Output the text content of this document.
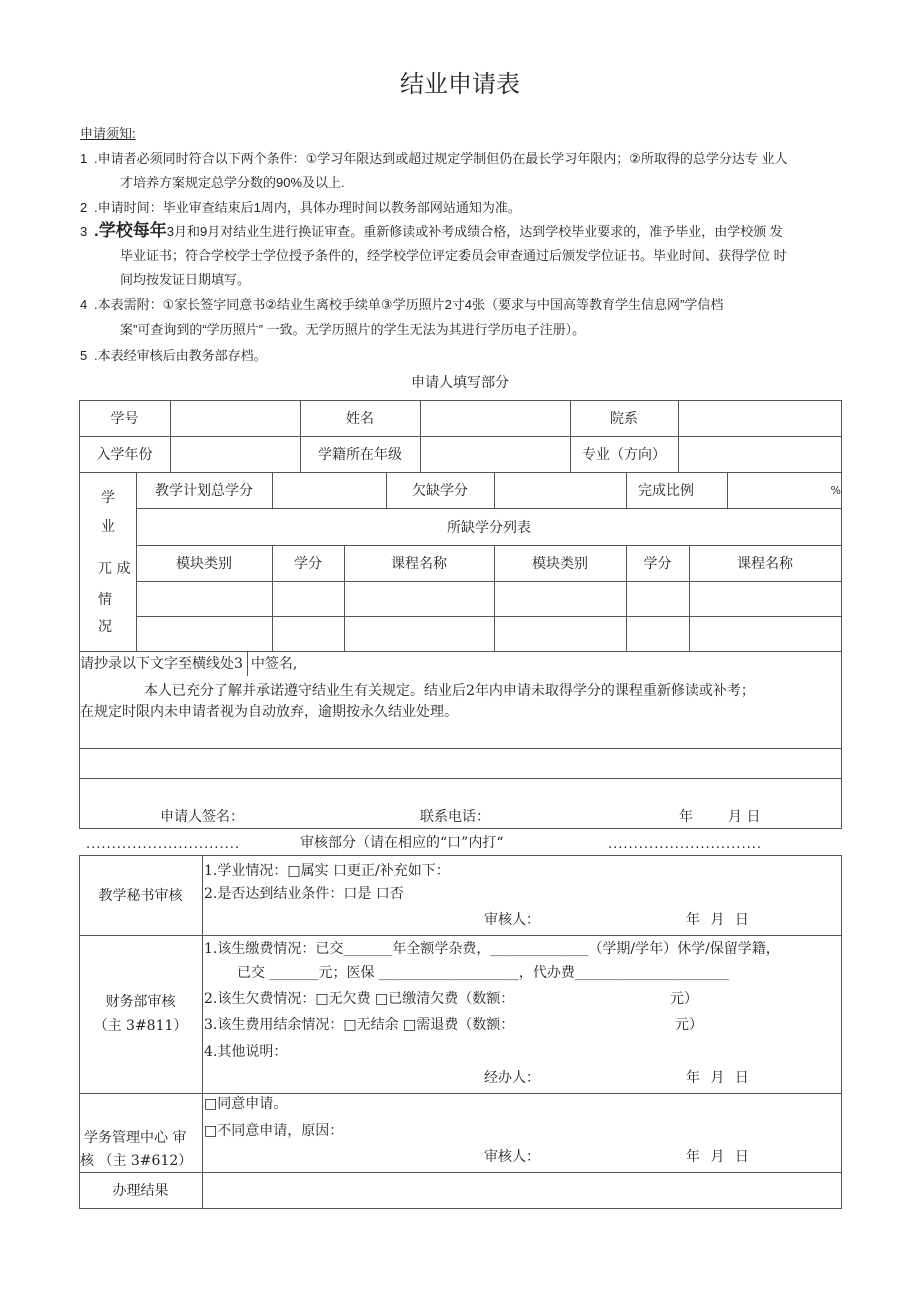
结业申请表
申请须知:
1 .申请者必须同时符合以下两个条件：①学习年限达到或超过规定学制但仍在最长学习年限内；②所取得的总学分达专 业人
才培养方案规定总学分数的90%及以上.
2 .申请时间：毕业审查结束后1周内，具体办理时间以教务部网站通知为准。
3 .学校每年 3月和9月对结业生进行换证审查。重新修读或补考成绩合格，达到学校毕业要求的，准予毕业，由学校颁 发
毕业证书；符合学校学士学位授予条件的，经学校学位评定委员会审查通过后颁发学位证书。毕业时间、获得学位 时
间均按发证日期填写。
4 .本表需附：①家长签字同意书②结业生离校手续单③学历照片2寸4张（要求与中国高等教育学生信息网”学信档
案”可查询到的“学历照片” 一致。无学历照片的学生无法为其进行学历电子注册）。
5 .本表经审核后由教务部存档。
申请人填写部分
学号	姓名	院系
入学年份	学籍所在年级	专业（方向）
学
业
兀 成
情
况
教学计划总学分	欠缺学分	完成比例	%
所缺学分列表
模块类别	学分	课程名称	模块类别	学分	课程名称
请抄录以下文字至横线处3 中签名,
本人已充分了解并承诺遵守结业生有关规定。结业后2年内申请未取得学分的课程重新修读或补考；
在规定时限内未申请者视为自动放弃，逾期按永久结业处理。
申请人签名：	联系电话：	年	月 日
..............................	审核部分（请在相应的“口”内打“	..............................
教学秘书审核
1.学业情况：□属实 口更正/补充如下：
2.是否达到结业条件：口是 口否
审核人：	年 月 日
财务部审核
（主 3#811）
1.该生缴费情况：已交_______年全额学杂费，______________（学期/学年）休学/保留学籍，
已交 _______元；医保 ____________________，代办费______________________
2.该生欠费情况：□无欠费 □已缴清欠费（数额：	元）
3.该生费用结余情况：□无结余 □需退费（数额：	元）
4.其他说明：
经办人：	年 月 日
学务管理中心 审
核 （主 3#612）
□同意申请。
□不同意申请，原因：
审核人：	年 月 日
办理结果
